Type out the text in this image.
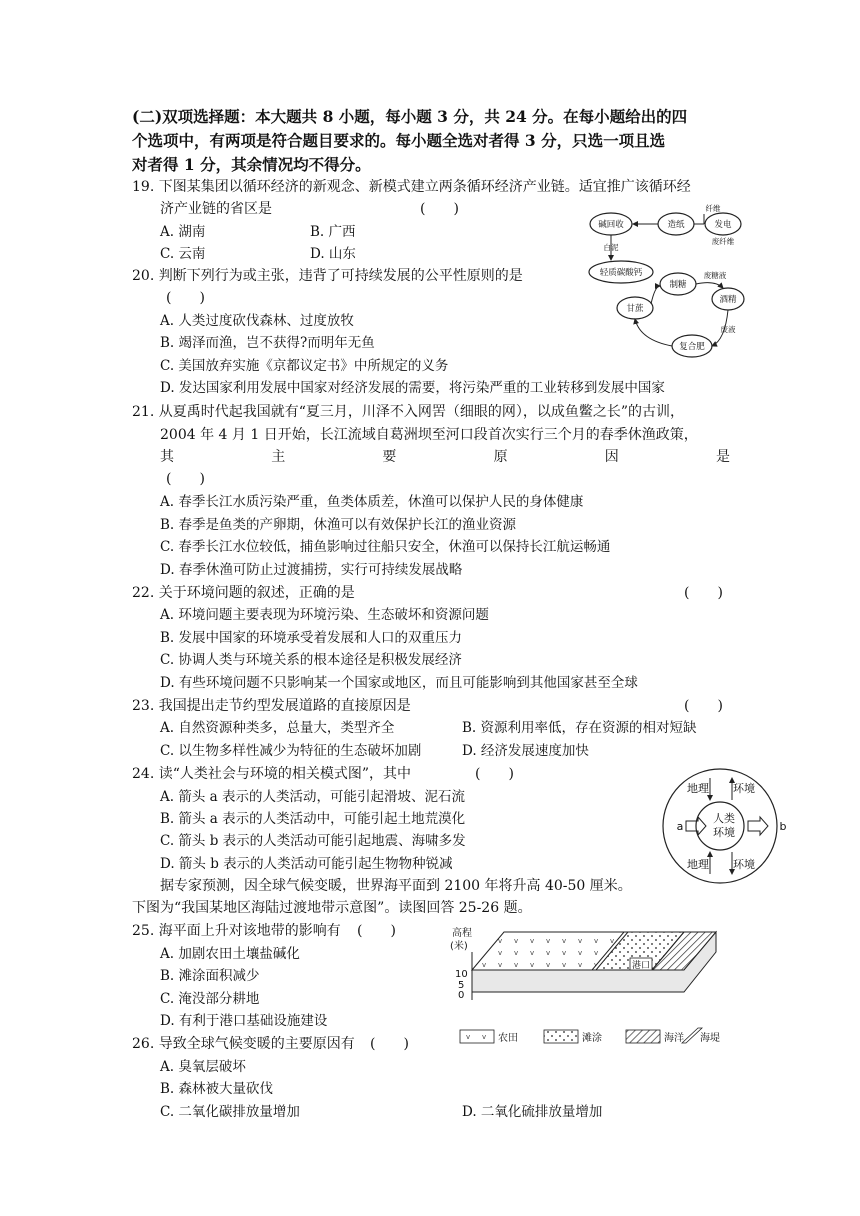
(二)双项选择题：本大题共 8 小题，每小题 3 分，共 24 分。在每小题给出的四
个选项中，有两项是符合题目要求的。每小题全选对者得 3 分，只选一项且选
对者得 1 分，其余情况均不得分。
19. 下图某集团以循环经济的新观念、新模式建立两条循环经济产业链。适宜推广该循环经
济产业链的省区是	(　　)
A. 湖南	B. 广西
C. 云南	D. 山东
碱回收	造纸	发电
轻质碳酸钙
制糖
甘蔗
酒精
复合肥
纤维
废纤维
白泥
废糖液
废液
20. 判断下列行为或主张，违背了可持续发展的公平性原则的是
(　　)
A. 人类过度砍伐森林、过度放牧
B. 竭泽而渔，岂不获得?而明年无鱼
C. 美国放弃实施《京都议定书》中所规定的义务
D. 发达国家利用发展中国家对经济发展的需要，将污染严重的工业转移到发展中国家
21. 从夏禹时代起我国就有“夏三月，川泽不入网罟（细眼的网），以成鱼鳖之长”的古训，
2004 年 4 月 1 日开始，长江流域自葛洲坝至河口段首次实行三个月的春季休渔政策，
其	主	要	原	因	是
(　　)
A. 春季长江水质污染严重，鱼类体质差，休渔可以保护人民的身体健康
B. 春季是鱼类的产卵期，休渔可以有效保护长江的渔业资源
C. 春季长江水位较低，捕鱼影响过往船只安全，休渔可以保持长江航运畅通
D. 春季休渔可防止过渡捕捞，实行可持续发展战略
22. 关于环境问题的叙述，正确的是	(　　)
A. 环境问题主要表现为环境污染、生态破坏和资源问题
B. 发展中国家的环境承受着发展和人口的双重压力
C. 协调人类与环境关系的根本途径是积极发展经济
D. 有些环境问题不只影响某一个国家或地区，而且可能影响到其他国家甚至全球
23. 我国提出走节约型发展道路的直接原因是	(　　)
A. 自然资源种类多，总量大，类型齐全	B. 资源利用率低，存在资源的相对短缺
C. 以生物多样性减少为特征的生态破坏加剧	D. 经济发展速度加快
24. 读“人类社会与环境的相关模式图”，其中	(　　)
A. 箭头 a 表示的人类活动，可能引起滑坡、泥石流
B. 箭头 a 表示的人类活动中，可能引起土地荒漠化
C. 箭头 b 表示的人类活动可能引起地震、海啸多发
D. 箭头 b 表示的人类活动可能引起生物物种锐减
地理 环境
地理 环境
人类
环境
a	b
据专家预测，因全球气候变暖，世界海平面到 2100 年将升高 40-50 厘米。
下图为“我国某地区海陆过渡地带示意图”。读图回答 25-26 题。
25. 海平面上升对该地带的影响有 (　　)
A. 加剧农田土壤盐碱化
B. 滩涂面积减少
C. 淹没部分耕地
D. 有利于港口基础设施建设
高程
(米)
10
5
0
港口
农田	滩涂	海洋 海堤
26. 导致全球气候变暖的主要原因有 (　　)
A. 臭氧层破坏
B. 森林被大量砍伐
C. 二氧化碳排放量增加	D. 二氧化硫排放量增加
